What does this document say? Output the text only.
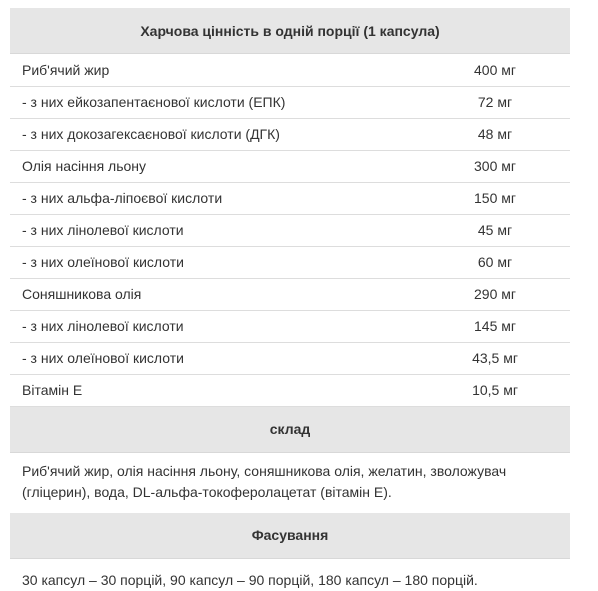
Харчова цінність в одній порції (1 капсула)
Риб'ячий жир	400 мг
- з них ейкозапентаєнової кислоти (ЕПК)	72 мг
- з них докозагексаєнової кислоти (ДГК)	48 мг
Олія насіння льону	300 мг
- з них альфа-ліпоєвої кислоти	150 мг
- з них лінолевої кислоти	45 мг
- з них олеїнової кислоти	60 мг
Соняшникова олія	290 мг
- з них лінолевої кислоти	145 мг
- з них олеїнової кислоти	43,5 мг
Вітамін Е	10,5 мг
склад
Риб'ячий жир, олія насіння льону, соняшникова олія, желатин, зволожувач (гліцерин), вода, DL-альфа-токоферолацетат (вітамін Е).
Фасування
30 капсул – 30 порцій, 90 капсул – 90 порцій, 180 капсул – 180 порцій.
